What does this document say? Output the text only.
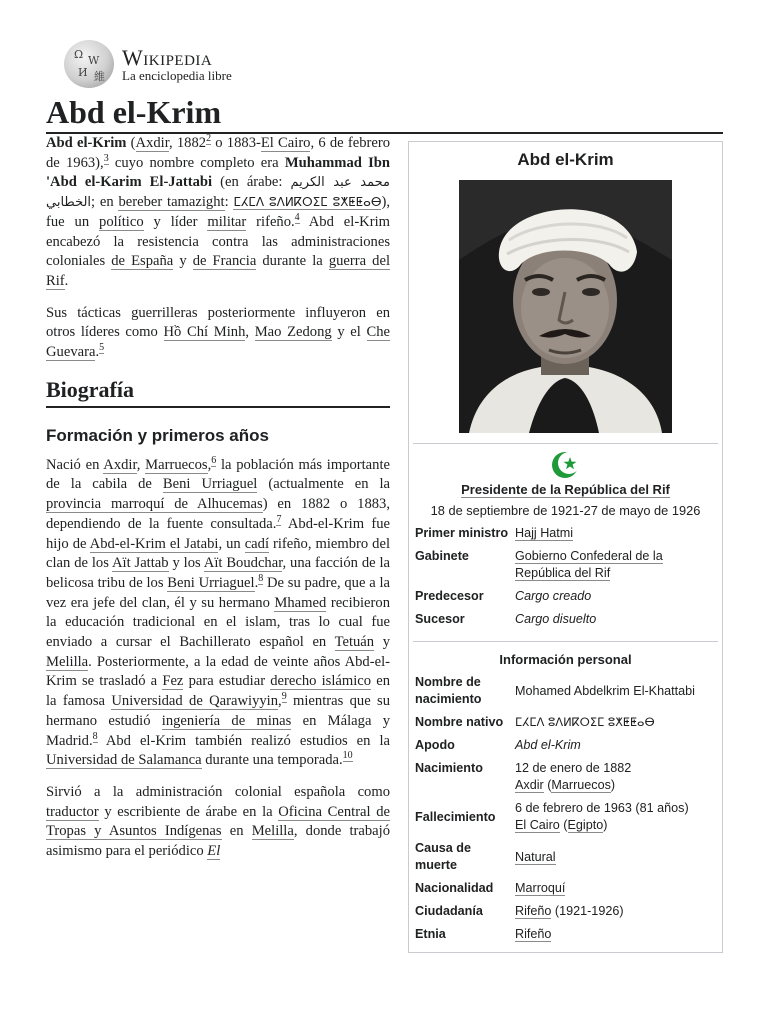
Ω W
И 維
Wikipedia
La enciclopedia libre
Abd el-Krim

Abd el-Krim (Axdir, 1882$^2$ o 1883-El Cairo, 6 de febrero de 1963),$^3$ cuyo nombre completo era Muhammad Ibn 'Abd el-Karim El-Jattabi (en árabe: محمد عبد الكريم الخطابي; en bereber tamazight: ⵎⵃⵎⴷ ⵓⴷⵍⴽⵔⵉⵎ ⵓⵅⵟⵟⴰⴱ), fue un político y líder militar rifeño.$^4$ Abd el-Krim encabezó la resistencia contra las administraciones coloniales de España y de Francia durante la guerra del Rif.

Sus tácticas guerrilleras posteriormente influyeron en otros líderes como Hồ Chí Minh, Mao Zedong y el Che Guevara.$^5$

Biografía
Formación y primeros años

Nació en Axdir, Marruecos,$^6$ la población más importante de la cabila de Beni Urriaguel (actualmente en la provincia marroquí de Alhucemas) en 1882 o 1883, dependiendo de la fuente consultada.$^7$ Abd-el-Krim fue hijo de Abd-el-Krim el Jatabi, un cadí rifeño, miembro del clan de los Aït Jattab y los Aït Boudchar, una facción de la belicosa tribu de los Beni Urriaguel.$^8$ De su padre, que a la vez era jefe del clan, él y su hermano Mhamed recibieron la educación tradicional en el islam, tras lo cual fue enviado a cursar el Bachillerato español en Tetuán y Melilla. Posteriormente, a la edad de veinte años Abd-el-Krim se trasladó a Fez para estudiar derecho islámico en la famosa Universidad de Qarawiyyin,$^9$ mientras que su hermano estudió ingeniería de minas en Málaga y Madrid.$^8$ Abd el-Krim también realizó estudios en la Universidad de Salamanca durante una temporada.$^{10}$

Sirvió a la administración colonial española como traductor y escribiente de árabe en la Oficina Central de Tropas y Asuntos Indígenas en Melilla, donde trabajó asimismo para el periódico El

Abd el-Krim
Presidente de la República del Rif
18 de septiembre de 1921-27 de mayo de 1926
Primer ministro	Hajj Hatmi
Gabinete	Gobierno Confederal de la República del Rif
Predecesor	Cargo creado
Sucesor	Cargo disuelto
Información personal
Nombre de nacimiento	Mohamed Abdelkrim El-Khattabi
Nombre nativo	ⵎⵃⵎⴷ ⵓⴷⵍⴽⵔⵉⵎ ⵓⵅⵟⵟⴰⴱ
Apodo	Abd el-Krim
Nacimiento	12 de enero de 1882
Axdir (Marruecos)

Fallecimiento	6 de febrero de 1963 (81 años)
El Cairo (Egipto)

Causa de muerte	Natural
Nacionalidad	Marroquí
Ciudadanía	Rifeño (1921-1926)
Etnia	Rifeño
